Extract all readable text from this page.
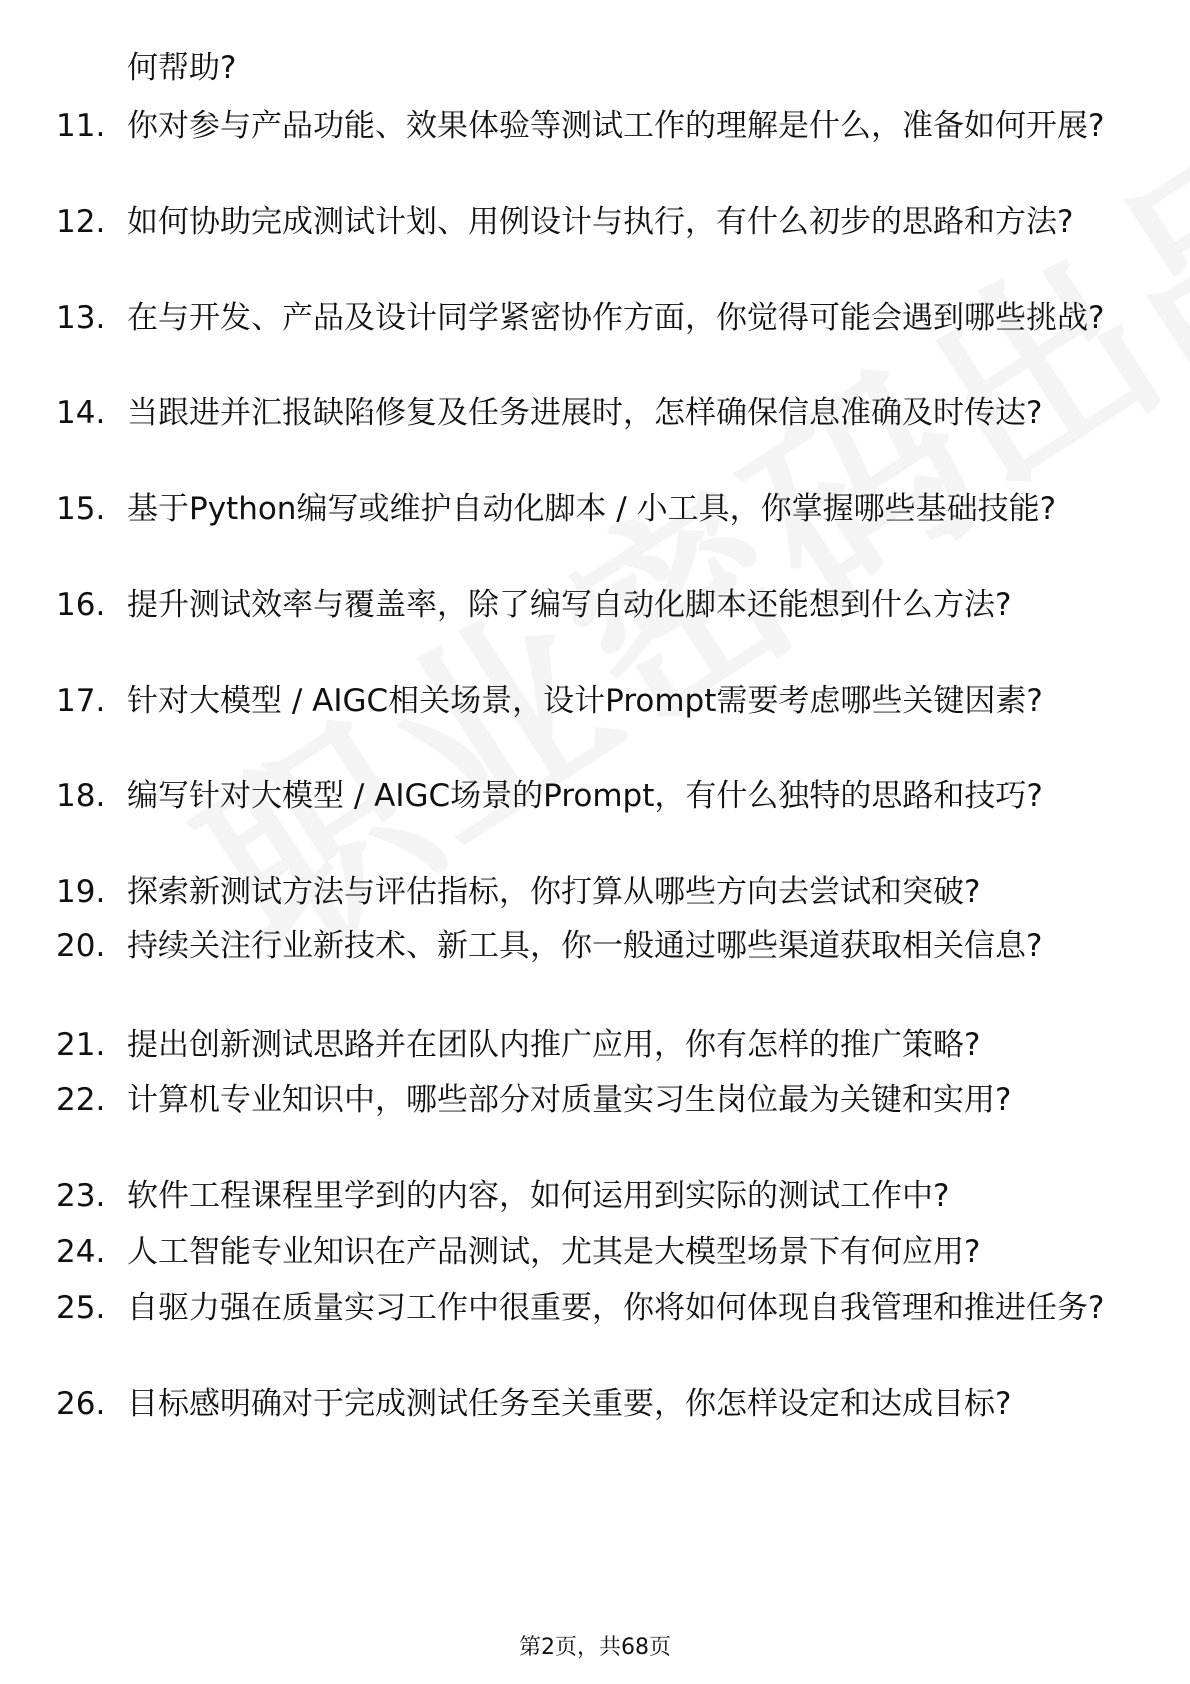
何帮助?
11. 你对参与产品功能、效果体验等测试工作的理解是什么，准备如何开展?
12. 如何协助完成测试计划、用例设计与执行，有什么初步的思路和方法?
13. 在与开发、产品及设计同学紧密协作方面，你觉得可能会遇到哪些挑战?
14. 当跟进并汇报缺陷修复及任务进展时，怎样确保信息准确及时传达?
15. 基于Python编写或维护自动化脚本 / 小工具，你掌握哪些基础技能?
16. 提升测试效率与覆盖率，除了编写自动化脚本还能想到什么方法?
17. 针对大模型 / AIGC相关场景，设计Prompt需要考虑哪些关键因素?
18. 编写针对大模型 / AIGC场景的Prompt，有什么独特的思路和技巧?
19. 探索新测试方法与评估指标，你打算从哪些方向去尝试和突破?
20. 持续关注行业新技术、新工具，你一般通过哪些渠道获取相关信息?
21. 提出创新测试思路并在团队内推广应用，你有怎样的推广策略?
22. 计算机专业知识中，哪些部分对质量实习生岗位最为关键和实用?
23. 软件工程课程里学到的内容，如何运用到实际的测试工作中?
24. 人工智能专业知识在产品测试，尤其是大模型场景下有何应用?
25. 自驱力强在质量实习工作中很重要，你将如何体现自我管理和推进任务?
26. 目标感明确对于完成测试任务至关重要，你怎样设定和达成目标?
第2页，共68页
